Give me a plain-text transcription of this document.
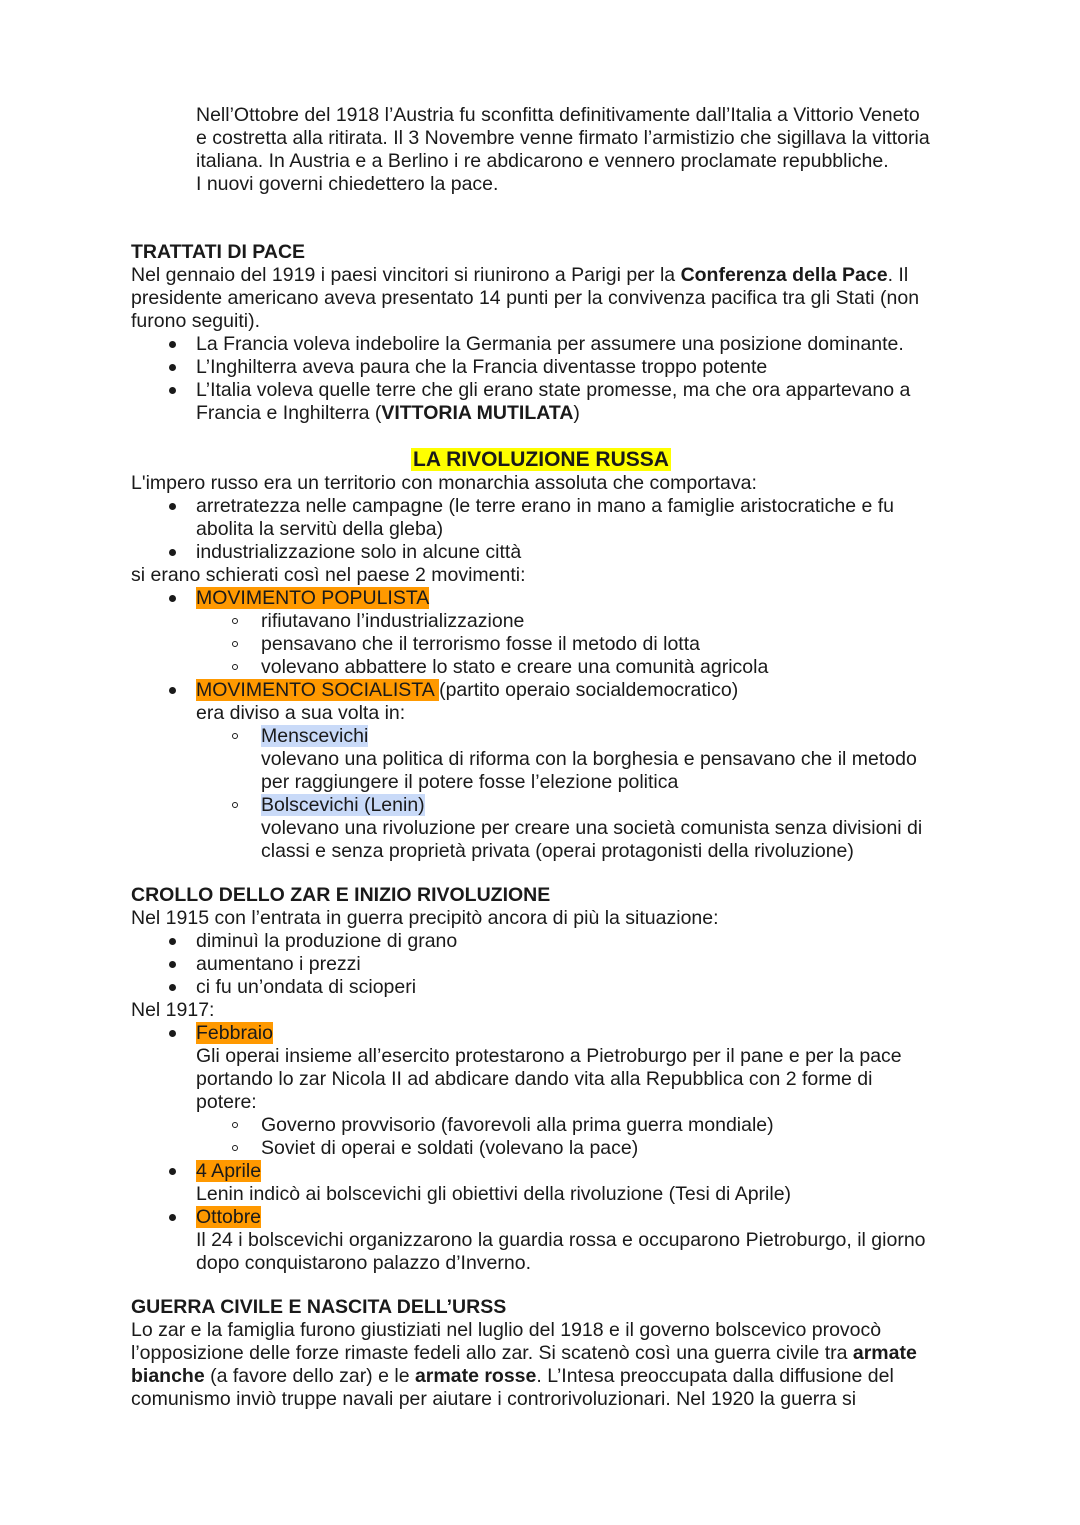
Nell’Ottobre del 1918 l’Austria fu sconfitta definitivamente dall’Italia a Vittorio Veneto

e costretta alla ritirata. Il 3 Novembre venne firmato l’armistizio che sigillava la vittoria

italiana. In Austria e a Berlino i re abdicarono e vennero proclamate repubbliche.

I nuovi governi chiedettero la pace.

TRATTATI DI PACE

Nel gennaio del 1919 i paesi vincitori si riunirono a Parigi per la Conferenza della Pace. Il

presidente americano aveva presentato 14 punti per la convivenza pacifica tra gli Stati (non

furono seguiti).

La Francia voleva indebolire la Germania per assumere una posizione dominante.

L’Inghilterra aveva paura che la Francia diventasse troppo potente

L’Italia voleva quelle terre che gli erano state promesse, ma che ora appartevano a

Francia e Inghilterra (VITTORIA MUTILATA)

LA RIVOLUZIONE RUSSA

L'impero russo era un territorio con monarchia assoluta che comportava:

arretratezza nelle campagne (le terre erano in mano a famiglie aristocratiche e fu

abolita la servitù della gleba)

industrializzazione solo in alcune città

si erano schierati così nel paese 2 movimenti:

MOVIMENTO POPULISTA

rifiutavano l’industrializzazione

pensavano che il terrorismo fosse il metodo di lotta

volevano abbattere lo stato e creare una comunità agricola

MOVIMENTO SOCIALISTA (partito operaio socialdemocratico)

era diviso a sua volta in:

Menscevichi

volevano una politica di riforma con la borghesia e pensavano che il metodo

per raggiungere il potere fosse l’elezione politica

Bolscevichi (Lenin)

volevano una rivoluzione per creare una società comunista senza divisioni di

classi e senza proprietà privata (operai protagonisti della rivoluzione)

CROLLO DELLO ZAR E INIZIO RIVOLUZIONE

Nel 1915 con l’entrata in guerra precipitò ancora di più la situazione:

diminuì la produzione di grano

aumentano i prezzi

ci fu un’ondata di scioperi

Nel 1917:

Febbraio

Gli operai insieme all’esercito protestarono a Pietroburgo per il pane e per la pace

portando lo zar Nicola II ad abdicare dando vita alla Repubblica con 2 forme di

potere:

Governo provvisorio (favorevoli alla prima guerra mondiale)

Soviet di operai e soldati (volevano la pace)

4 Aprile

Lenin indicò ai bolscevichi gli obiettivi della rivoluzione (Tesi di Aprile)

Ottobre

Il 24 i bolscevichi organizzarono la guardia rossa e occuparono Pietroburgo, il giorno

dopo conquistarono palazzo d’Inverno.

GUERRA CIVILE E NASCITA DELL’URSS

Lo zar e la famiglia furono giustiziati nel luglio del 1918 e il governo bolscevico provocò

l’opposizione delle forze rimaste fedeli allo zar. Si scatenò così una guerra civile tra armate

bianche (a favore dello zar) e le armate rosse. L’Intesa preoccupata dalla diffusione del

comunismo inviò truppe navali per aiutare i controrivoluzionari. Nel 1920 la guerra si
